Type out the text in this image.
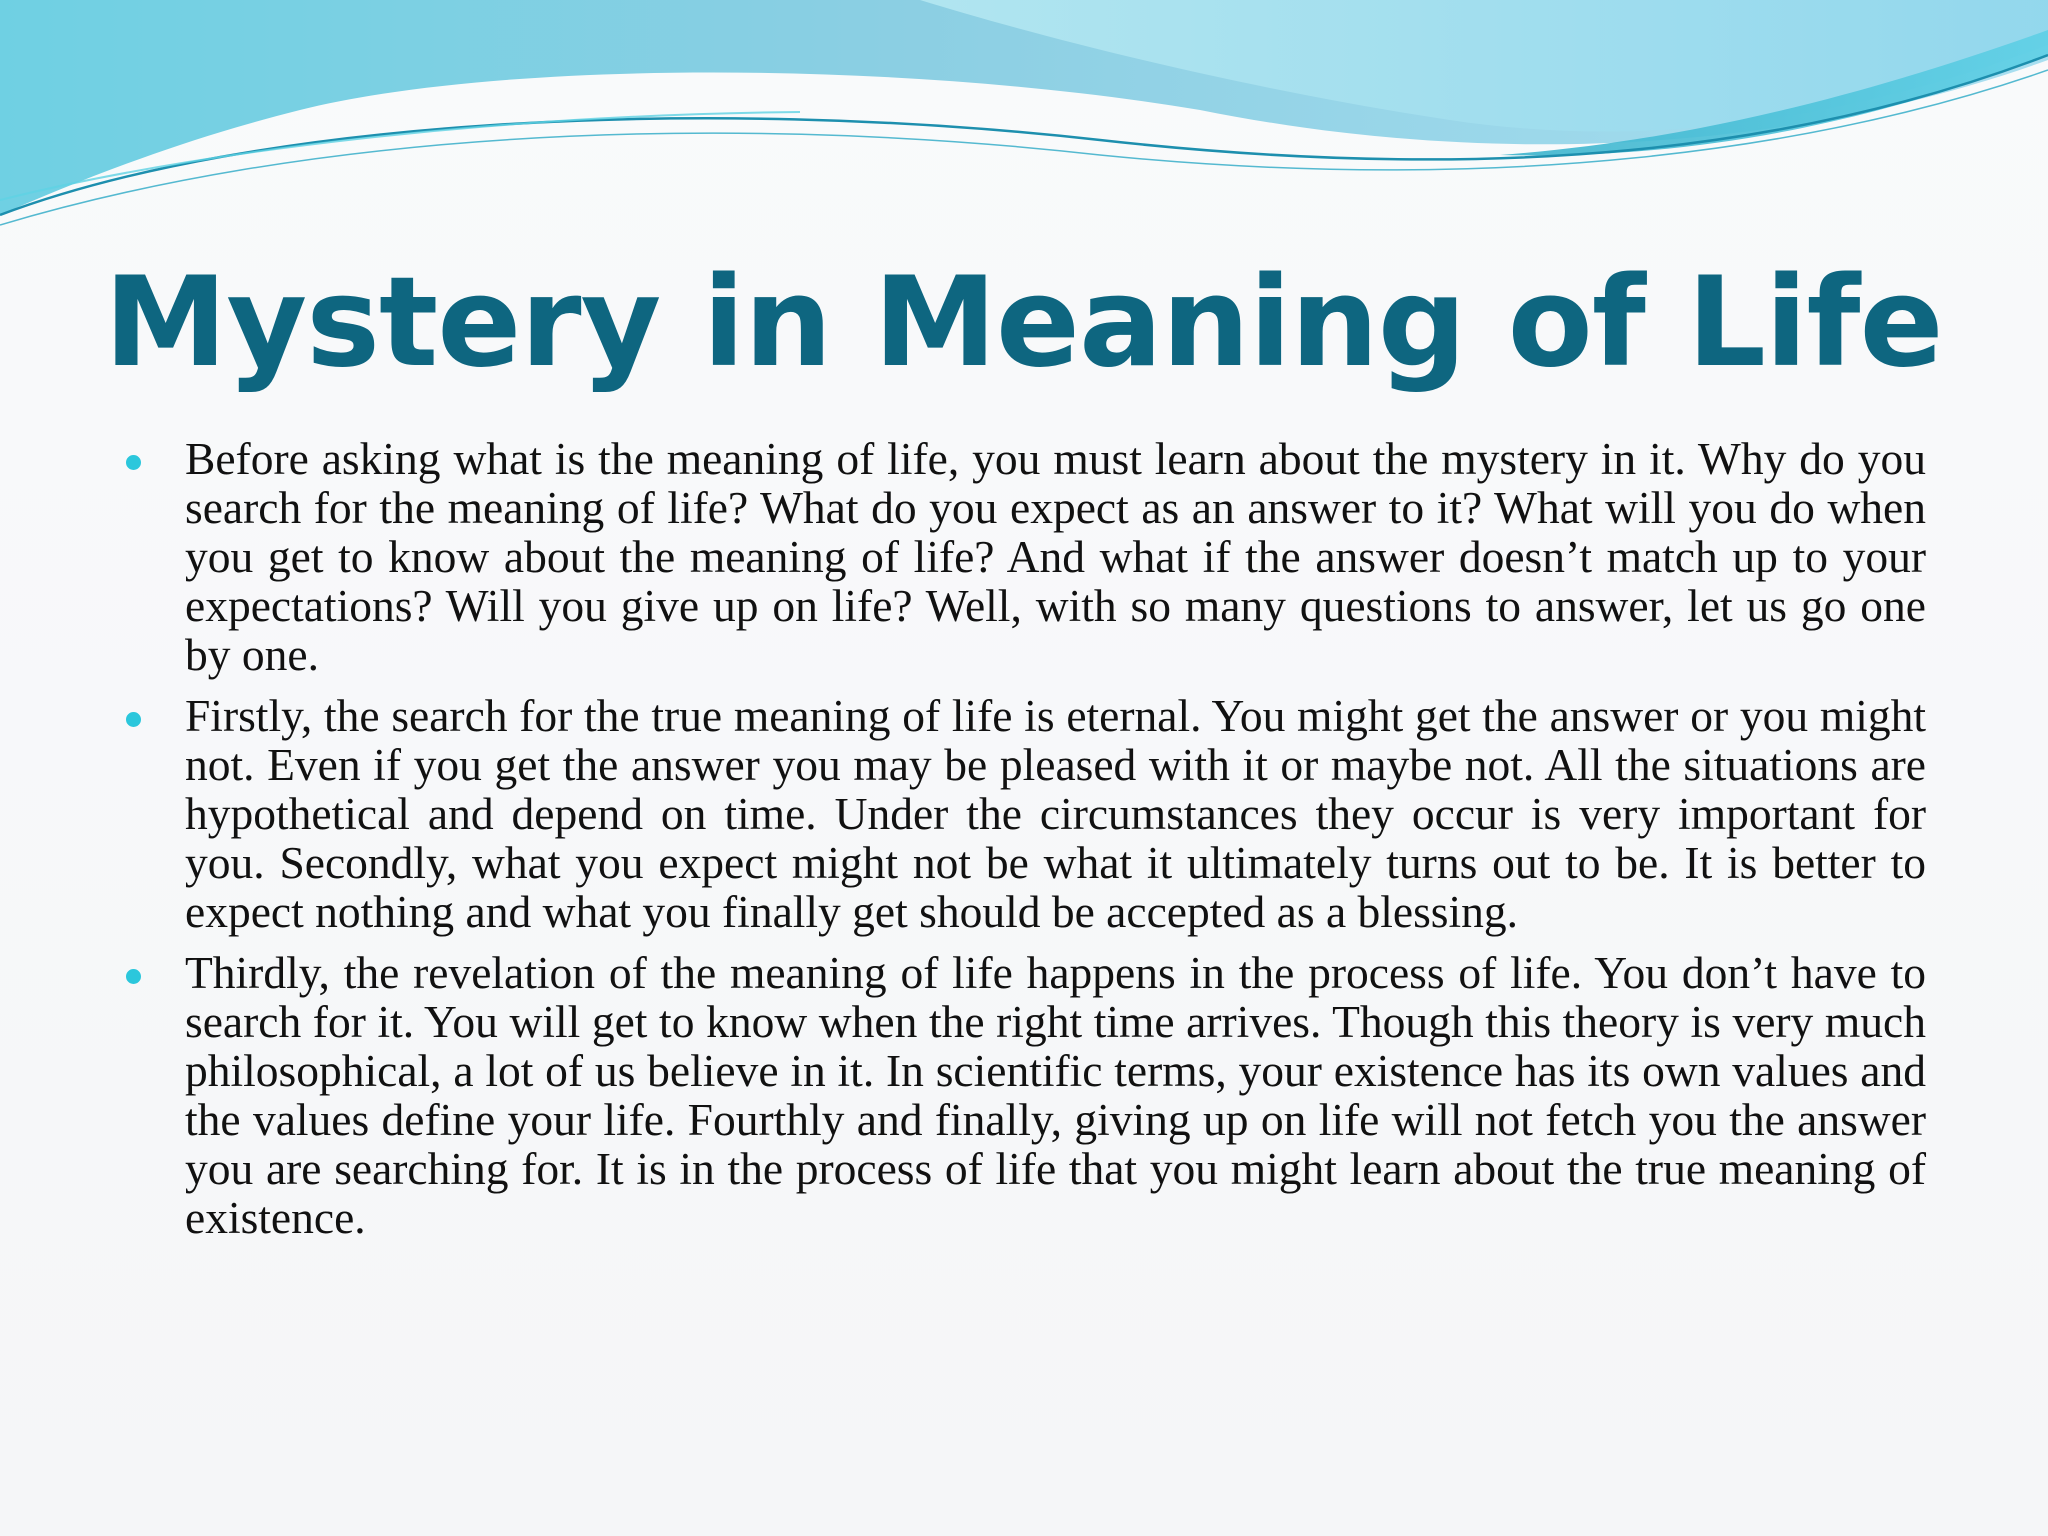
Mystery in Meaning of Life
Before asking what is the meaning of life, you must learn about the mystery in it. Why do you search for the meaning of life? What do you expect as an answer to it? What will you do when you get to know about the meaning of life? And what if the answer doesn’t match up to your expectations? Will you give up on life? Well, with so many questions to answer, let us go one by one.
Firstly, the search for the true meaning of life is eternal. You might get the answer or you might not. Even if you get the answer you may be pleased with it or maybe not. All the situations are hypothetical and depend on time. Under the circumstances they occur is very important for you. Secondly, what you expect might not be what it ultimately turns out to be. It is better to expect nothing and what you finally get should be accepted as a blessing.
Thirdly, the revelation of the meaning of life happens in the process of life. You don’t have to search for it. You will get to know when the right time arrives. Though this theory is very much philosophical, a lot of us believe in it. In scientific terms, your existence has its own values and the values define your life. Fourthly and finally, giving up on life will not fetch you the answer you are searching for. It is in the process of life that you might learn about the true meaning of existence.
